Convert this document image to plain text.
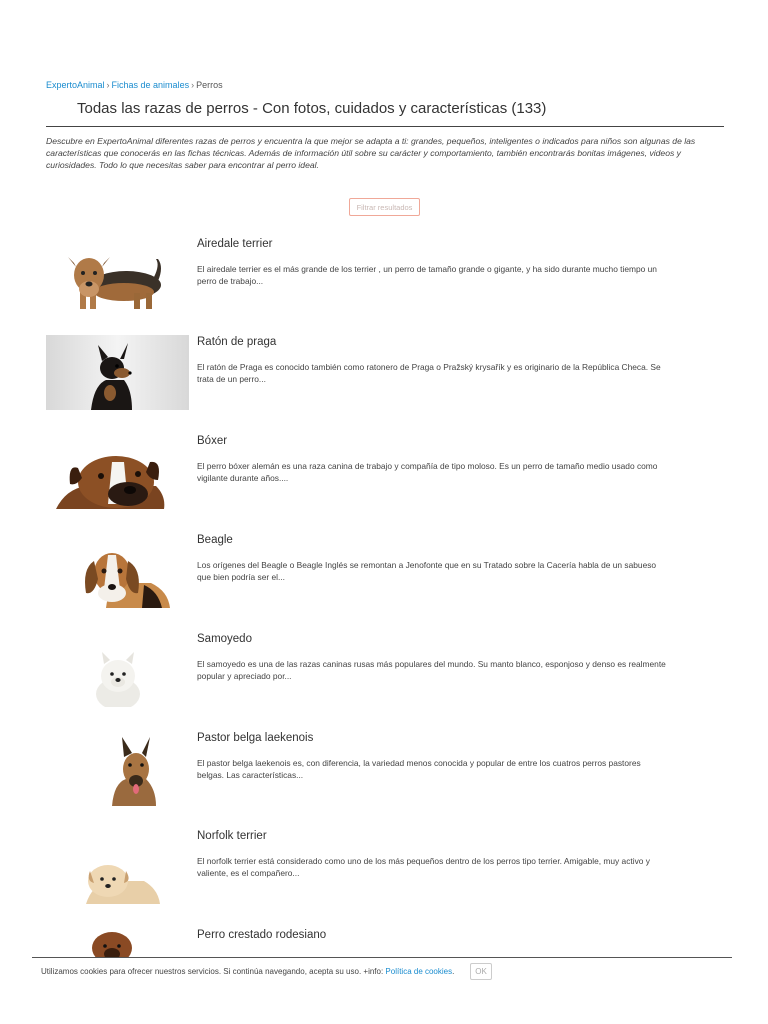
ExpertoAnimal › Fichas de animales › Perros
Todas las razas de perros - Con fotos, cuidados y características (133)

Descubre en ExpertoAnimal diferentes razas de perros y encuentra la que mejor se adapta a ti: grandes, pequeños, inteligentes o indicados para niños son algunas de las características que conocerás en las fichas técnicas. Además de información útil sobre su carácter y comportamiento, también encontrarás bonitas imágenes, videos y curiosidades. Todo lo que necesitas saber para encontrar al perro ideal.

Filtrar resultados
Airedale terrier
El airedale terrier es el más grande de los terrier , un perro de tamaño grande o gigante, y ha sido durante mucho tiempo un perro de trabajo...
Ratón de praga
El ratón de Praga es conocido también como ratonero de Praga o Pražský krysařík y es originario de la República Checa. Se trata de un perro...
Bóxer
El perro bóxer alemán es una raza canina de trabajo y compañía de tipo moloso. Es un perro de tamaño medio usado como vigilante durante años....
Beagle
Los orígenes del Beagle o Beagle Inglés se remontan a Jenofonte que en su Tratado sobre la Cacería habla de un sabueso que bien podría ser el...
Samoyedo
El samoyedo es una de las razas caninas rusas más populares del mundo. Su manto blanco, esponjoso y denso es realmente popular y apreciado por...
Pastor belga laekenois
El pastor belga laekenois es, con diferencia, la variedad menos conocida y popular de entre los cuatros perros pastores belgas. Las características...
Norfolk terrier
El norfolk terrier está considerado como uno de los más pequeños dentro de los perros tipo terrier. Amigable, muy activo y valiente, es el compañero...
Perro crestado rodesiano
Utilizamos cookies para ofrecer nuestros servicios. Si continúa navegando, acepta su uso. +info: Política de cookies.	OK
